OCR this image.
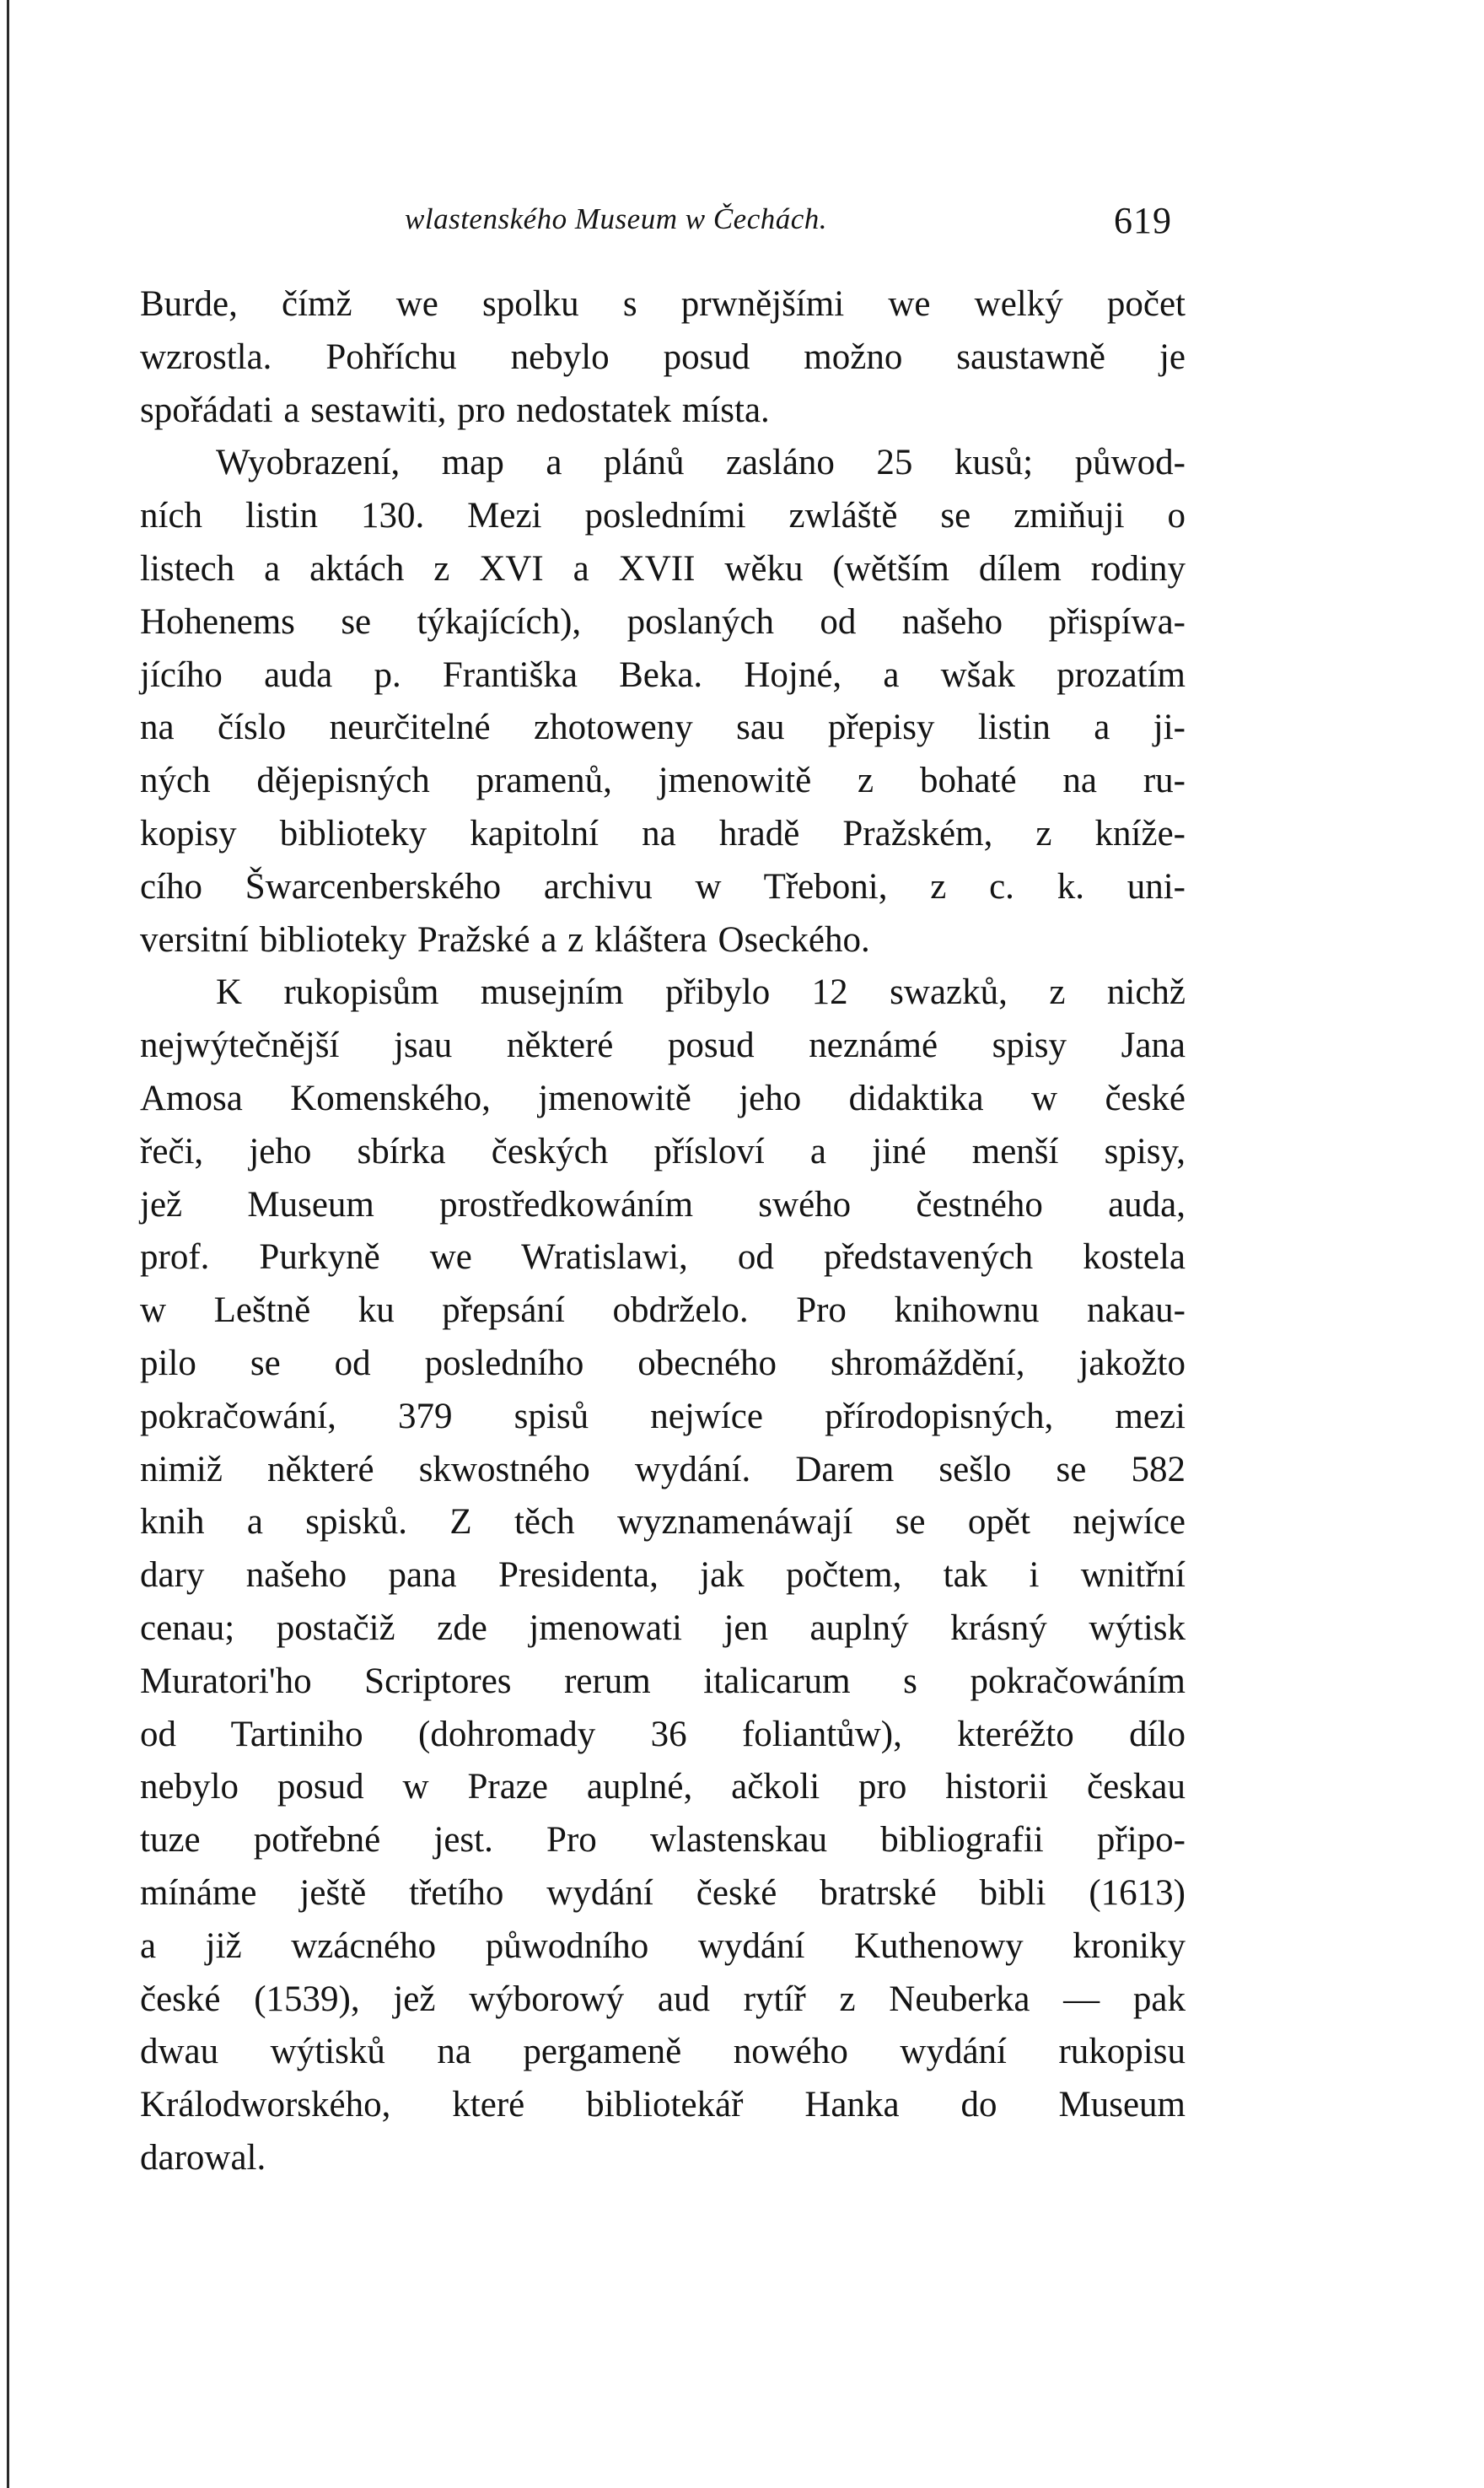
wlastenského Museum w Čechách.	619
Burde, čímž we spolku s prwnějšími we welký počet
wzrostla. Pohříchu nebylo posud možno saustawně je
spořádati a sestawiti, pro nedostatek místa.
Wyobrazení, map a plánů zasláno 25 kusů; půwod-
ních listin 130. Mezi posledními zwláště se zmiňuji o
listech a aktách z XVI a XVII wěku (wětším dílem rodiny
Hohenems se týkajících), poslaných od našeho přispíwa-
jícího auda p. Františka Beka. Hojné, a wšak prozatím
na číslo neurčitelné zhotoweny sau přepisy listin a ji-
ných dějepisných pramenů, jmenowitě z bohaté na ru-
kopisy biblioteky kapitolní na hradě Pražském, z kníže-
cího Šwarcenberského archivu w Třeboni, z c. k. uni-
versitní biblioteky Pražské a z kláštera Oseckého.
K rukopisům musejním přibylo 12 swazků, z nichž
nejwýtečnější jsau některé posud neznámé spisy Jana
Amosa Komenského, jmenowitě jeho didaktika w české
řeči, jeho sbírka českých přísloví a jiné menší spisy,
jež Museum prostředkowáním swého čestného auda,
prof. Purkyně we Wratislawi, od představených kostela
w Leštně ku přepsání obdrželo. Pro knihownu nakau-
pilo se od posledního obecného shromáždění, jakožto
pokračowání, 379 spisů nejwíce přírodopisných, mezi
nimiž některé skwostného wydání. Darem sešlo se 582
knih a spisků. Z těch wyznamenáwají se opět nejwíce
dary našeho pana Presidenta, jak počtem, tak i wnitřní
cenau; postačiž zde jmenowati jen auplný krásný wýtisk
Muratori'ho Scriptores rerum italicarum s pokračowáním
od Tartiniho (dohromady 36 foliantůw), kteréžto dílo
nebylo posud w Praze auplné, ačkoli pro historii českau
tuze potřebné jest. Pro wlastenskau bibliografii připo-
mínáme ještě třetího wydání české bratrské bibli (1613)
a již wzácného půwodního wydání Kuthenowy kroniky
české (1539), jež wýborowý aud rytíř z Neuberka — pak
dwau wýtisků na pergameně nowého wydání rukopisu
Králodworského, které bibliotekář Hanka do Museum
darowal.
